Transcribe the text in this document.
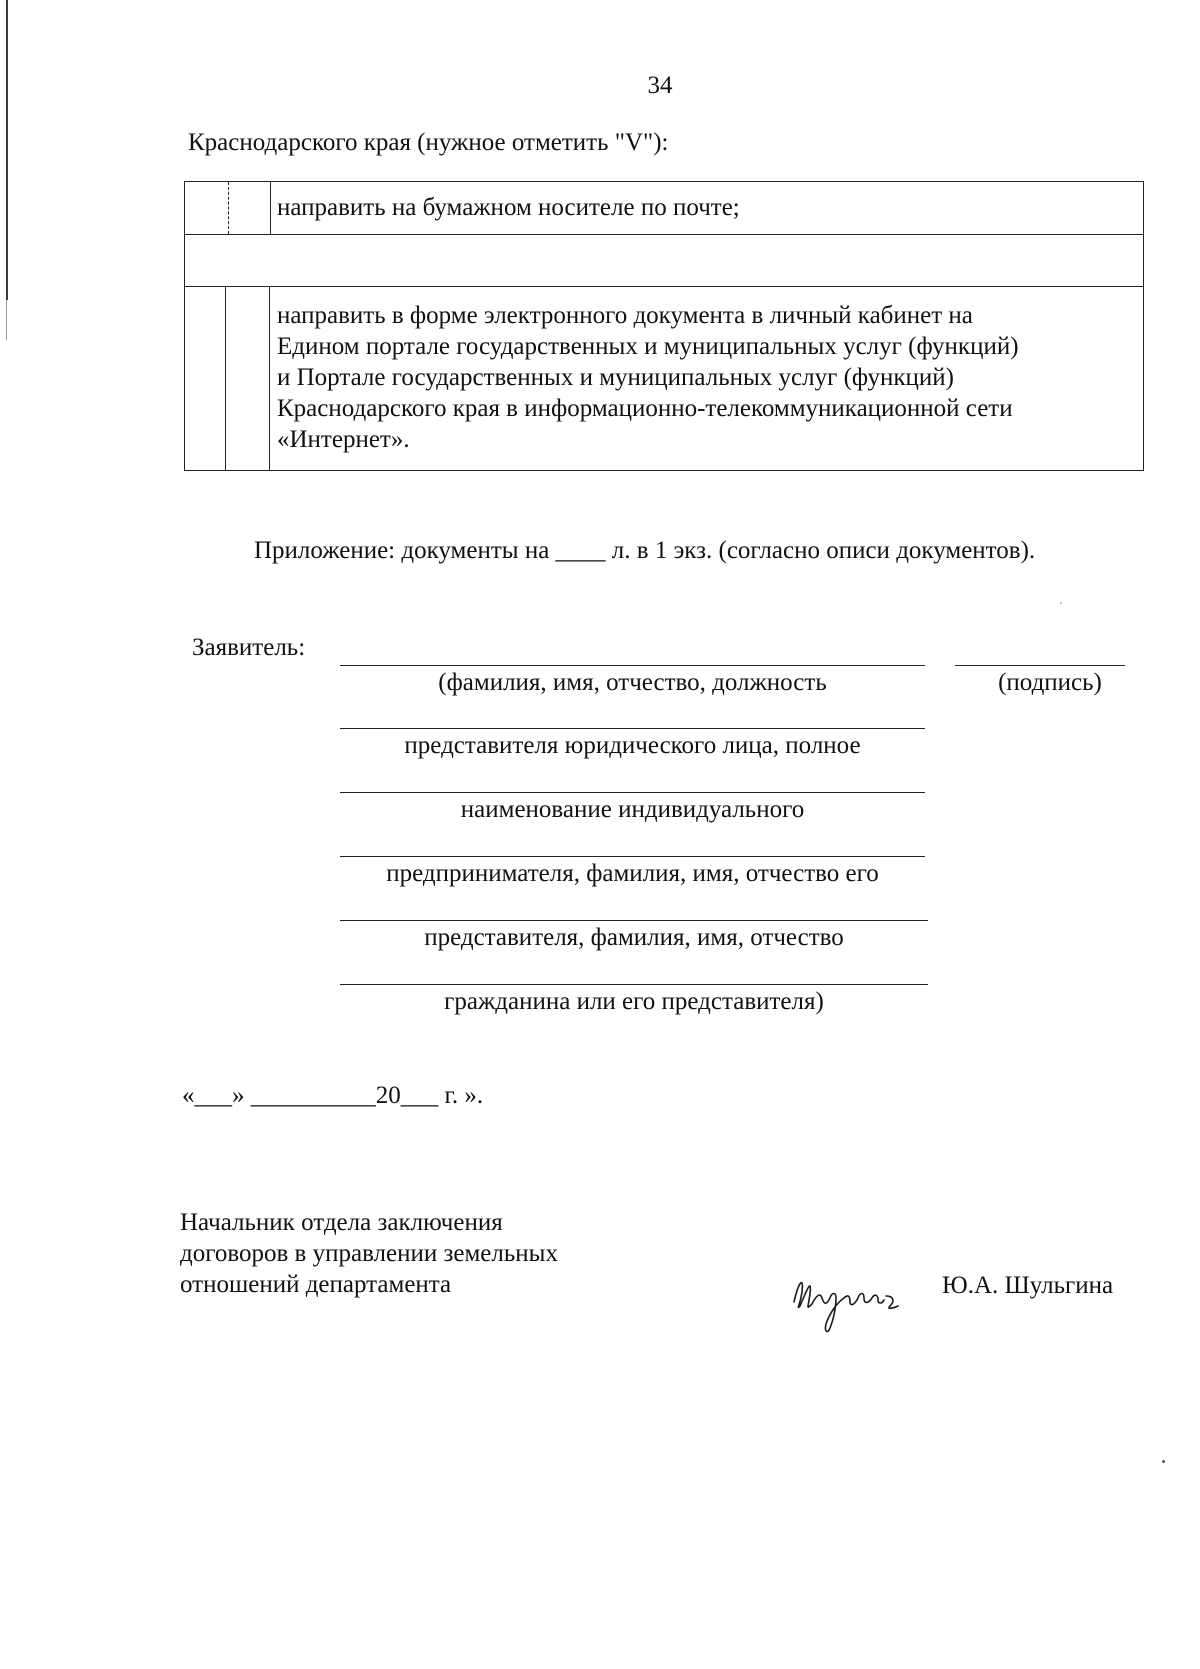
34
Краснодарского края (нужное отметить "V"):
направить на бумажном носителе по почте;
направить в форме электронного документа в личный кабинет на
Едином портале государственных и муниципальных услуг (функций)
и Портале государственных и муниципальных услуг (функций)
Краснодарского края в информационно-телекоммуникационной сети
«Интернет».
Приложение: документы на ____ л. в 1 экз. (согласно описи документов).
Заявитель:
(фамилия, имя, отчество, должность	(подпись)
представителя юридического лица, полное
наименование индивидуального
предпринимателя, фамилия, имя, отчество его
представителя, фамилия, имя, отчество
гражданина или его представителя)
«___» __________20___ г. ».
Начальник отдела заключения
договоров в управлении земельных
отношений департамента	Ю.А. Шульгина
